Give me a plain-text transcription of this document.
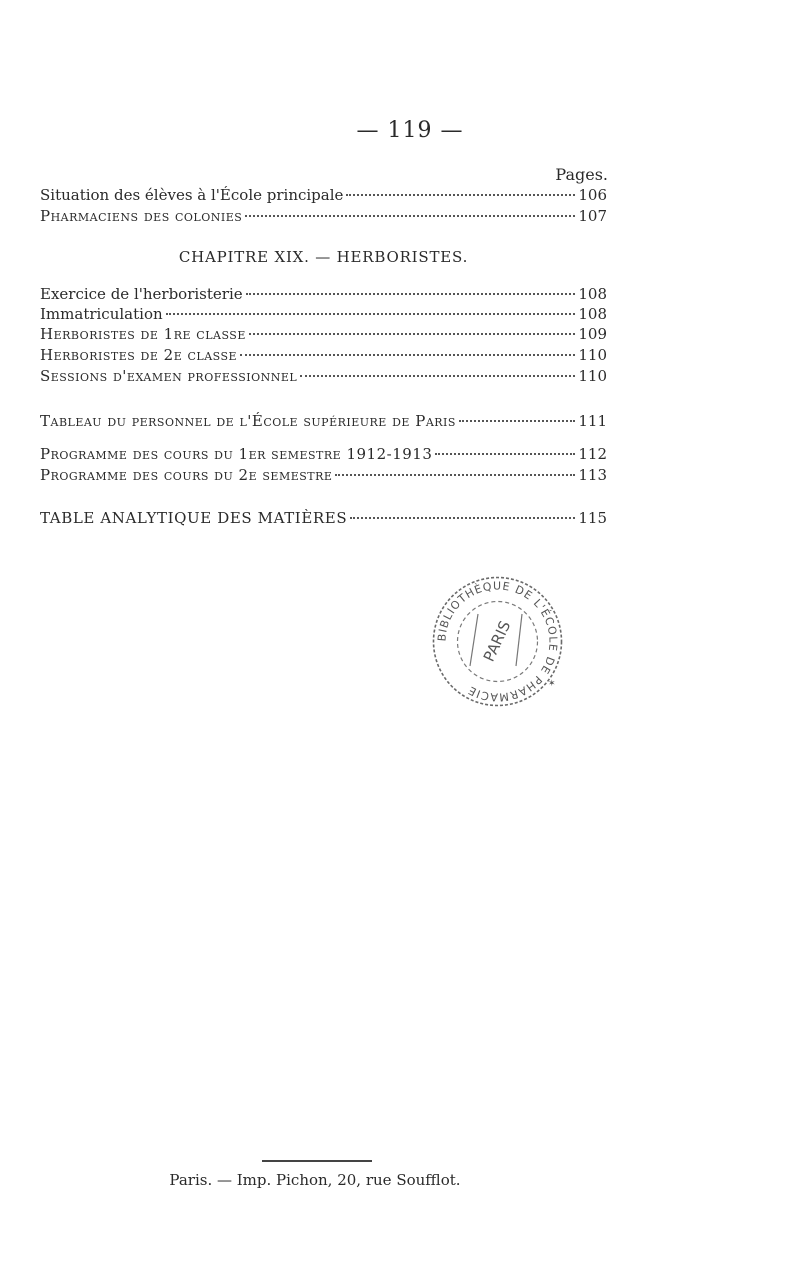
— 119 —
Pages.
Situation des élèves à l'École principale	106
Pharmaciens des colonies	107
CHAPITRE XIX. — HERBORISTES.
Exercice de l'herboristerie	108
Immatriculation	108
Herboristes de 1re classe	109
Herboristes de 2e classe	110
Sessions d'examen professionnel	110
Tableau du personnel de l'École supérieure de Paris	111
Programme des cours du 1er semestre 1912-1913	112
Programme des cours du 2e semestre	113
TABLE ANALYTIQUE DES MATIÈRES	115
BIBLIOTHÈQUE DE L'ÉCOLE DE PHARMACIE
PARIS
✶
Paris. — Imp. Pichon, 20, rue Soufflot.
